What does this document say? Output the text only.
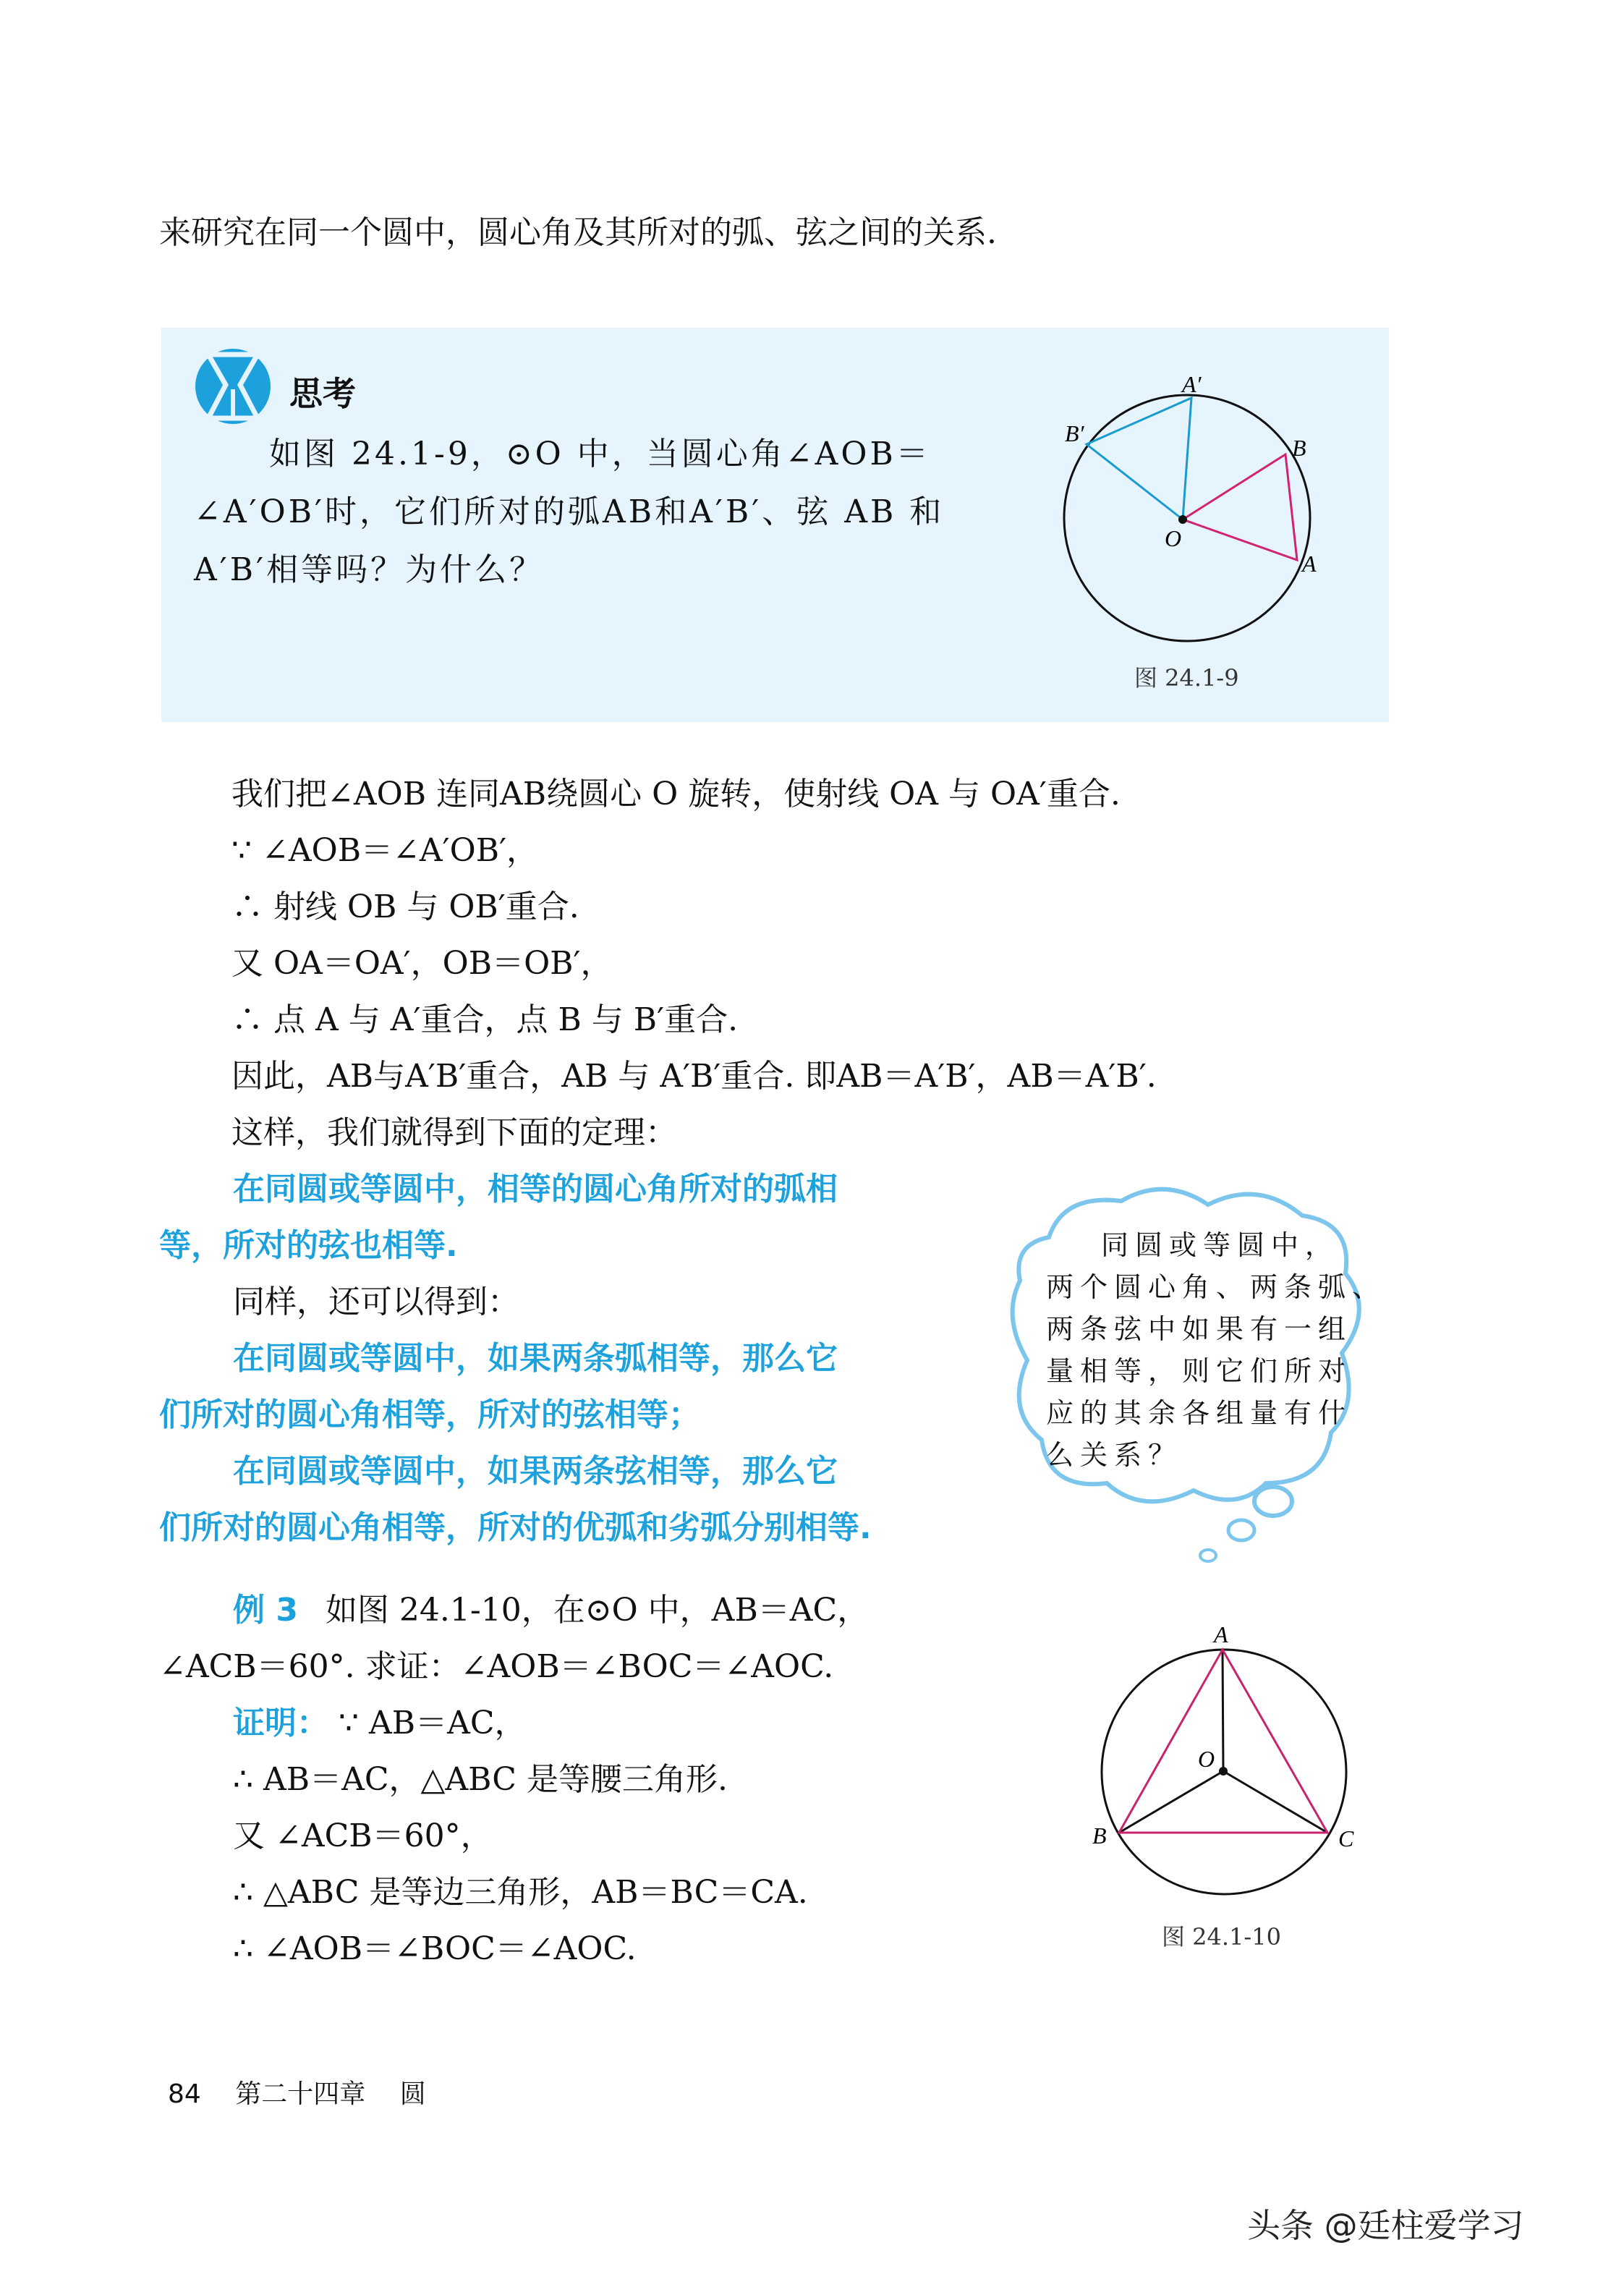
来研究在同一个圆中，圆心角及其所对的弧、弦之间的关系.
思考
如图 24.1-9，⊙O 中，当圆心角∠AOB＝
∠A′OB′时，它们所对的弧AB和A′B′、弦 AB 和
A′B′相等吗？为什么？
A′
B′
B
A
O
图 24.1-9
我们把∠AOB 连同AB绕圆心 O 旋转，使射线 OA 与 OA′重合.
∵ ∠AOB＝∠A′OB′，
∴ 射线 OB 与 OB′重合.
又 OA＝OA′，OB＝OB′，
∴ 点 A 与 A′重合，点 B 与 B′重合.
因此，AB与A′B′重合，AB 与 A′B′重合. 即AB＝A′B′，AB＝A′B′.
这样，我们就得到下面的定理：
在同圆或等圆中，相等的圆心角所对的弧相
等，所对的弦也相等.
同样，还可以得到：
在同圆或等圆中，如果两条弧相等，那么它
们所对的圆心角相等，所对的弦相等；
在同圆或等圆中，如果两条弦相等，那么它
们所对的圆心角相等，所对的优弧和劣弧分别相等.
同圆或等圆中，
两个圆心角、两条弧、
两条弦中如果有一组
量相等，则它们所对
应的其余各组量有什
么关系？
例 3 如图 24.1-10，在⊙O 中，AB＝AC，
∠ACB＝60°. 求证：∠AOB＝∠BOC＝∠AOC.
证明： ∵ AB＝AC，
∴ AB＝AC，△ABC 是等腰三角形.
又 ∠ACB＝60°，
∴ △ABC 是等边三角形，AB＝BC＝CA.
∴ ∠AOB＝∠BOC＝∠AOC.
A
B	C
O
图 24.1-10
84 第二十四章 圆
头条 @廷柱爱学习
